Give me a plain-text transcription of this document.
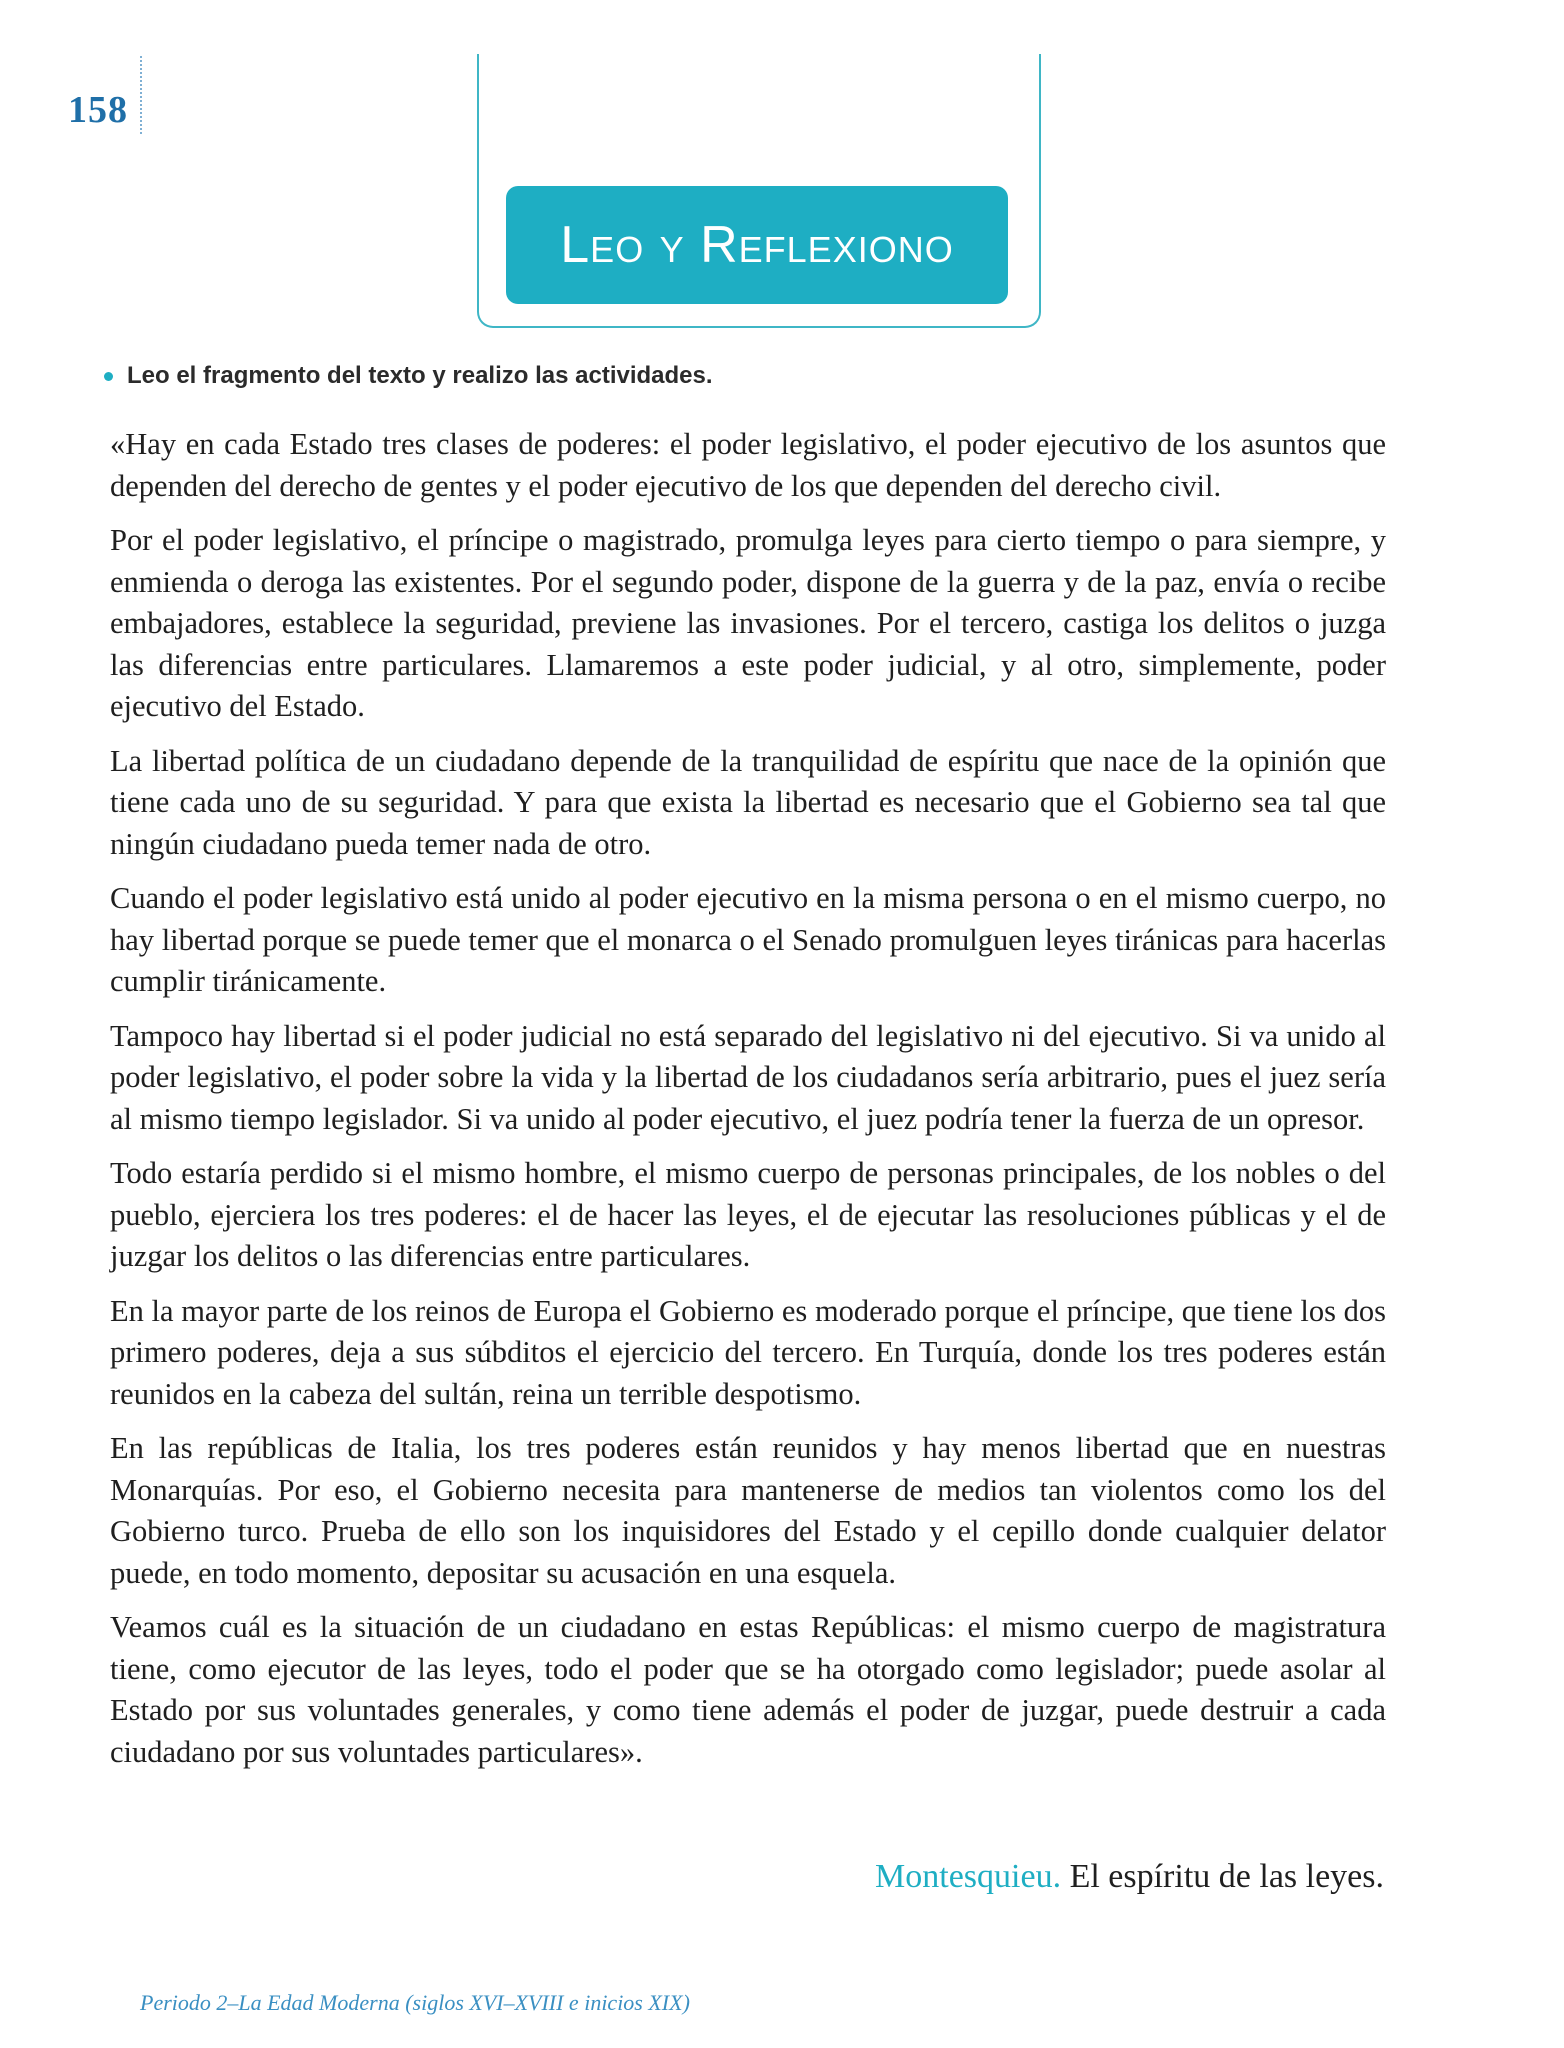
158
Leo y Reflexiono
Leo el fragmento del texto y realizo las actividades.

«Hay en cada Estado tres clases de poderes: el poder legislativo, el poder ejecutivo de los asuntos que dependen del derecho de gentes y el poder ejecutivo de los que dependen del derecho civil.

Por el poder legislativo, el príncipe o magistrado, promulga leyes para cierto tiempo o para siempre, y enmienda o deroga las existentes. Por el segundo poder, dispone de la guerra y de la paz, envía o recibe embajadores, establece la seguridad, previene las invasiones. Por el tercero, castiga los delitos o juzga las diferencias entre particulares. Llamaremos a este poder judicial, y al otro, simplemente, poder ejecutivo del Estado.

La libertad política de un ciudadano depende de la tranquilidad de espíritu que nace de la opinión que tiene cada uno de su seguridad. Y para que exista la libertad es necesario que el Gobierno sea tal que ningún ciudadano pueda temer nada de otro.

Cuando el poder legislativo está unido al poder ejecutivo en la misma persona o en el mismo cuerpo, no hay libertad porque se puede temer que el monarca o el Senado promulguen leyes tiránicas para hacerlas cumplir tiránicamente.

Tampoco hay libertad si el poder judicial no está separado del legislativo ni del ejecutivo. Si va unido al poder legislativo, el poder sobre la vida y la libertad de los ciudadanos sería arbitrario, pues el juez sería al mismo tiempo legislador. Si va unido al poder ejecutivo, el juez podría tener la fuerza de un opresor.

Todo estaría perdido si el mismo hombre, el mismo cuerpo de personas principales, de los nobles o del pueblo, ejerciera los tres poderes: el de hacer las leyes, el de ejecutar las resoluciones públicas y el de juzgar los delitos o las diferencias entre particulares.

En la mayor parte de los reinos de Europa el Gobierno es moderado porque el príncipe, que tiene los dos primero poderes, deja a sus súbditos el ejercicio del tercero. En Turquía, donde los tres poderes están reunidos en la cabeza del sultán, reina un terrible despotismo.

En las repúblicas de Italia, los tres poderes están reunidos y hay menos libertad que en nuestras Monarquías. Por eso, el Gobierno necesita para mantenerse de medios tan violentos como los del Gobierno turco. Prueba de ello son los inquisidores del Estado y el cepillo donde cualquier delator puede, en todo momento, depositar su acusación en una esquela.

Veamos cuál es la situación de un ciudadano en estas Repúblicas: el mismo cuerpo de magistratura tiene, como ejecutor de las leyes, todo el poder que se ha otorgado como legislador; puede asolar al Estado por sus voluntades generales, y como tiene además el poder de juzgar, puede destruir a cada ciudadano por sus voluntades particulares».

Montesquieu. El espíritu de las leyes.
Periodo 2–La Edad Moderna (siglos XVI–XVIII e inicios XIX)
